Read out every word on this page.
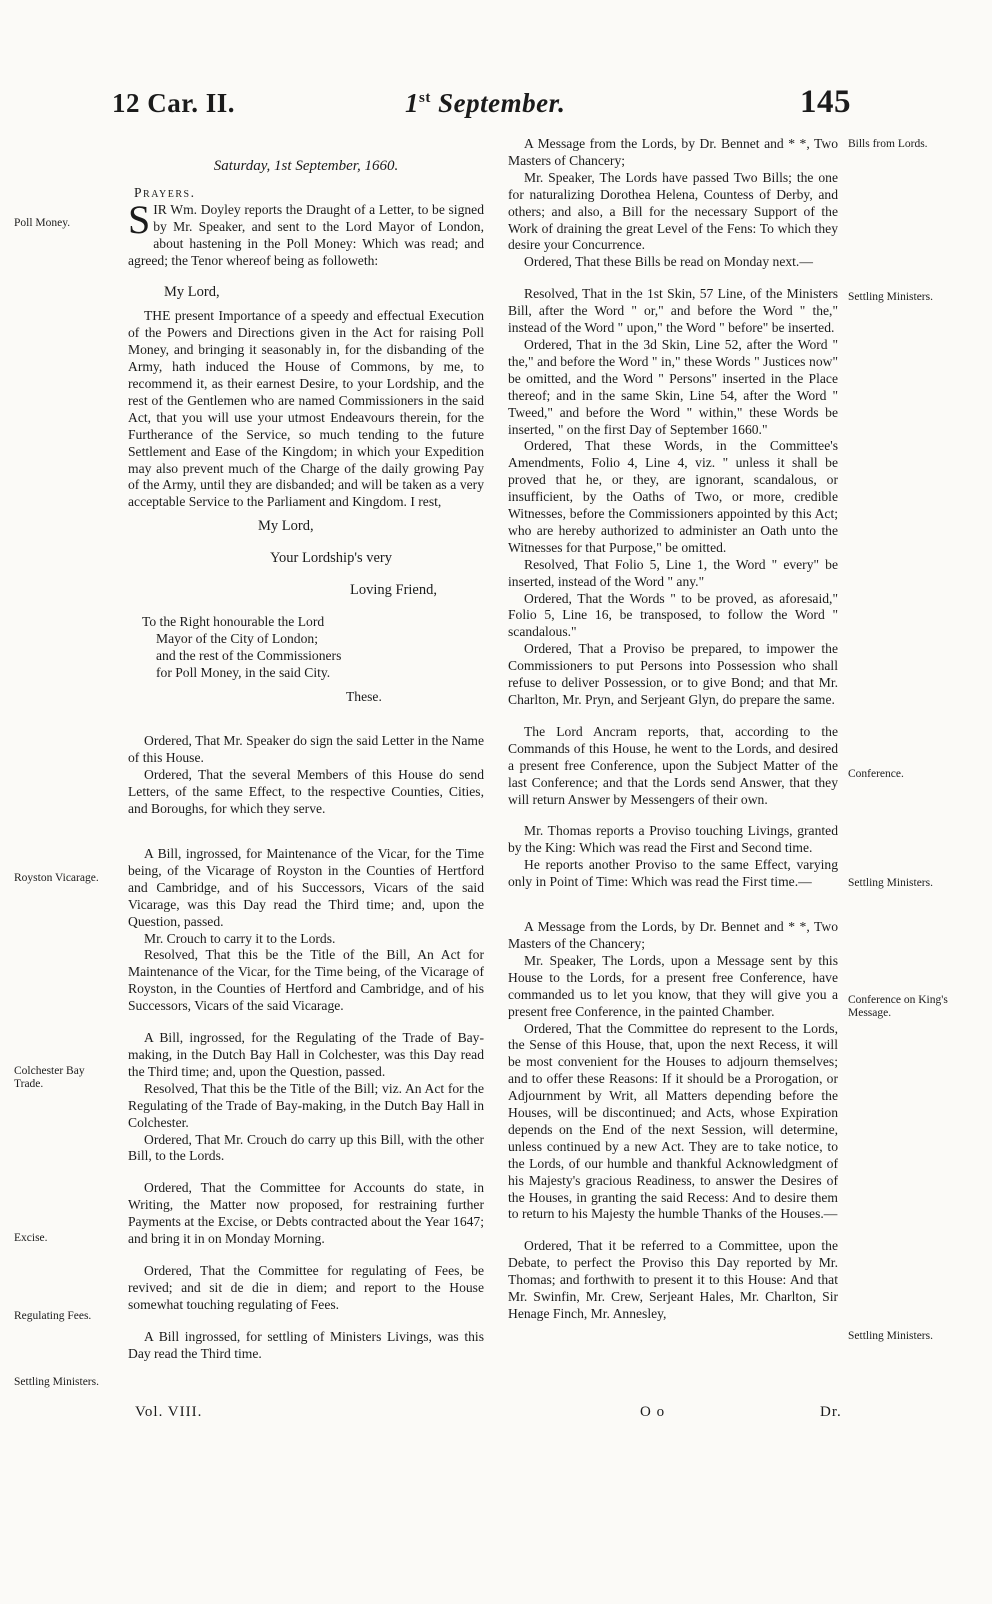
12 Car. II.	1st September.	145
Saturday, 1st September, 1660.

Prayers.

SIR Wm. Doyley reports the Draught of a Letter, to be signed by Mr. Speaker, and sent to the Lord Mayor of London, about hastening in the Poll Money: Which was read; and agreed; the Tenor whereof being as followeth:

My Lord,

THE present Importance of a speedy and effectual Execution of the Powers and Directions given in the Act for raising Poll Money, and bringing it seasonably in, for the disbanding of the Army, hath induced the House of Commons, by me, to recommend it, as their earnest Desire, to your Lordship, and the rest of the Gentlemen who are named Commissioners in the said Act, that you will use your utmost Endeavours therein, for the Furtherance of the Service, so much tending to the future Settlement and Ease of the Kingdom; in which your Expedition may also prevent much of the Charge of the daily growing Pay of the Army, until they are disbanded; and will be taken as a very acceptable Service to the Parliament and Kingdom. I rest,

My Lord,

Your Lordship's very

Loving Friend,

To the Right honourable the Lord
Mayor of the City of London;
and the rest of the Commissioners
for Poll Money, in the said City.

These.

Ordered, That Mr. Speaker do sign the said Letter in the Name of this House.

Ordered, That the several Members of this House do send Letters, of the same Effect, to the respective Counties, Cities, and Boroughs, for which they serve.

A Bill, ingrossed, for Maintenance of the Vicar, for the Time being, of the Vicarage of Royston in the Counties of Hertford and Cambridge, and of his Successors, Vicars of the said Vicarage, was this Day read the Third time; and, upon the Question, passed.

Mr. Crouch to carry it to the Lords.

Resolved, That this be the Title of the Bill, An Act for Maintenance of the Vicar, for the Time being, of the Vicarage of Royston, in the Counties of Hertford and Cambridge, and of his Successors, Vicars of the said Vicarage.

A Bill, ingrossed, for the Regulating of the Trade of Bay-making, in the Dutch Bay Hall in Colchester, was this Day read the Third time; and, upon the Question, passed.

Resolved, That this be the Title of the Bill; viz. An Act for the Regulating of the Trade of Bay-making, in the Dutch Bay Hall in Colchester.

Ordered, That Mr. Crouch do carry up this Bill, with the other Bill, to the Lords.

Ordered, That the Committee for Accounts do state, in Writing, the Matter now proposed, for restraining further Payments at the Excise, or Debts contracted about the Year 1647; and bring it in on Monday Morning.

Ordered, That the Committee for regulating of Fees, be revived; and sit de die in diem; and report to the House somewhat touching regulating of Fees.

A Bill ingrossed, for settling of Ministers Livings, was this Day read the Third time.

A Message from the Lords, by Dr. Bennet and * *, Two Masters of Chancery;

Mr. Speaker, The Lords have passed Two Bills; the one for naturalizing Dorothea Helena, Countess of Derby, and others; and also, a Bill for the necessary Support of the Work of draining the great Level of the Fens: To which they desire your Concurrence.

Ordered, That these Bills be read on Monday next.—

Resolved, That in the 1st Skin, 57 Line, of the Ministers Bill, after the Word " or," and before the Word " the," instead of the Word " upon," the Word " before" be inserted.

Ordered, That in the 3d Skin, Line 52, after the Word " the," and before the Word " in," these Words " Justices now" be omitted, and the Word " Persons" inserted in the Place thereof; and in the same Skin, Line 54, after the Word " Tweed," and before the Word " within," these Words be inserted, " on the first Day of September 1660."

Ordered, That these Words, in the Committee's Amendments, Folio 4, Line 4, viz. " unless it shall be proved that he, or they, are ignorant, scandalous, or insufficient, by the Oaths of Two, or more, credible Witnesses, before the Commissioners appointed by this Act; who are hereby authorized to administer an Oath unto the Witnesses for that Purpose," be omitted.

Resolved, That Folio 5, Line 1, the Word " every" be inserted, instead of the Word " any."

Ordered, That the Words " to be proved, as aforesaid," Folio 5, Line 16, be transposed, to follow the Word " scandalous."

Ordered, That a Proviso be prepared, to impower the Commissioners to put Persons into Possession who shall refuse to deliver Possession, or to give Bond; and that Mr. Charlton, Mr. Pryn, and Serjeant Glyn, do prepare the same.

The Lord Ancram reports, that, according to the Commands of this House, he went to the Lords, and desired a present free Conference, upon the Subject Matter of the last Conference; and that the Lords send Answer, that they will return Answer by Messengers of their own.

Mr. Thomas reports a Proviso touching Livings, granted by the King: Which was read the First and Second time.

He reports another Proviso to the same Effect, varying only in Point of Time: Which was read the First time.—

A Message from the Lords, by Dr. Bennet and * *, Two Masters of the Chancery;

Mr. Speaker, The Lords, upon a Message sent by this House to the Lords, for a present free Conference, have commanded us to let you know, that they will give you a present free Conference, in the painted Chamber.

Ordered, That the Committee do represent to the Lords, the Sense of this House, that, upon the next Recess, it will be most convenient for the Houses to adjourn themselves; and to offer these Reasons: If it should be a Prorogation, or Adjournment by Writ, all Matters depending before the Houses, will be discontinued; and Acts, whose Expiration depends on the End of the next Session, will determine, unless continued by a new Act. They are to take notice, to the Lords, of our humble and thankful Acknowledgment of his Majesty's gracious Readiness, to answer the Desires of the Houses, in granting the said Recess: And to desire them to return to his Majesty the humble Thanks of the Houses.—

Ordered, That it be referred to a Committee, upon the Debate, to perfect the Proviso this Day reported by Mr. Thomas; and forthwith to present it to this House: And that Mr. Swinfin, Mr. Crew, Serjeant Hales, Mr. Charlton, Sir Henage Finch, Mr. Annesley,

Poll Money.
Royston Vicarage.
Colchester Bay Trade.
Excise.
Regulating Fees.
Settling Ministers.
Bills from Lords.
Settling Ministers.
Conference.
Settling Ministers.
Conference on King's Message.
Settling Ministers.
Vol. VIII.	O o	Dr.
